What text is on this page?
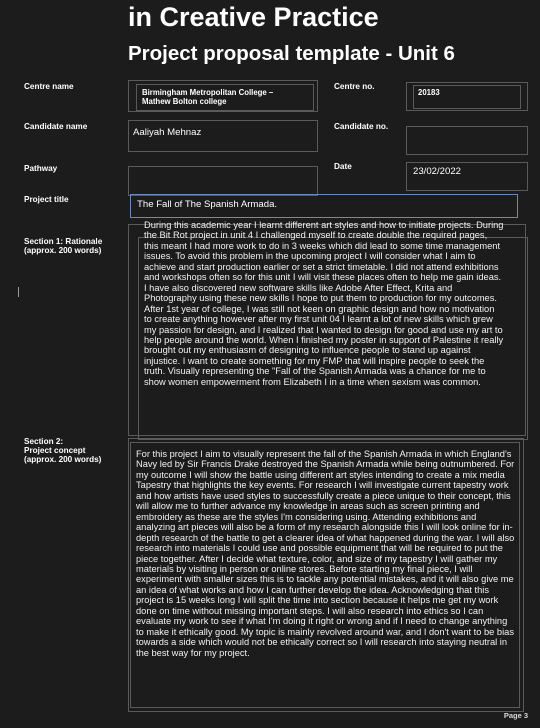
in Creative Practice
Project proposal template - Unit 6
Centre name
Birmingham Metropolitan College –
Mathew Bolton college
Centre no.
20183
Candidate name
Aaliyah Mehnaz
Candidate no.
Pathway	Date	23/02/2022
Project title	The Fall of The Spanish Armada.
Section 1: Rationale
(approx. 200 words)

During this academic year I learnt different art styles and how to initiate projects. During the Bit Rot project in unit 4 I challenged myself to create double the required pages, this meant I had more work to do in 3 weeks which did lead to some time management issues. To avoid this problem in the upcoming project I will consider what I aim to achieve and start production earlier or set a strict timetable. I did not attend exhibitions and workshops often so for this unit I will visit these places often to help me gain ideas. I have also discovered new software skills like Adobe After Effect, Krita and Photography using these new skills I hope to put them to production for my outcomes. After 1st year of college, I was still not keen on graphic design and how no motivation to create anything however after my first unit 04 I learnt a lot of new skills which grew my passion for design, and I realized that I wanted to design for good and use my art to help people around the world. When I finished my poster in support of Palestine it really brought out my enthusiasm of designing to influence people to stand up against injustice. I want to create something for my FMP that will inspire people to seek the truth. Visually representing the "Fall of the Spanish Armada was a chance for me to show women empowerment from Elizabeth I in a time when sexism was common.

Section 2:
Project concept
(approx. 200 words)

For this project I aim to visually represent the fall of the Spanish Armada in which England's Navy led by Sir Francis Drake destroyed the Spanish Armada while being outnumbered. For my outcome I will show the battle using different art styles intending to create a mix media Tapestry that highlights the key events. For research I will investigate current tapestry work and how artists have used styles to successfully create a piece unique to their concept, this will allow me to further advance my knowledge in areas such as screen printing and embroidery as these are the styles I'm considering using. Attending exhibitions and analyzing art pieces will also be a form of my research alongside this I will look online for in-depth research of the battle to get a clearer idea of what happened during the war. I will also research into materials I could use and possible equipment that will be required to put the piece together. After I decide what texture, color, and size of my tapestry I will gather my materials by visiting in person or online stores. Before starting my final piece, I will experiment with smaller sizes this is to tackle any potential mistakes, and it will also give me an idea of what works and how I can further develop the idea. Acknowledging that this project is 15 weeks long I will split the time into section because it helps me get my work done on time without missing important steps. I will also research into ethics so I can evaluate my work to see if what I'm doing it right or wrong and if I need to change anything to make it ethically good. My topic is mainly revolved around war, and I don't want to be bias towards a side which would not be ethically correct so I will research into staying neutral in the best way for my project.

Page 3
